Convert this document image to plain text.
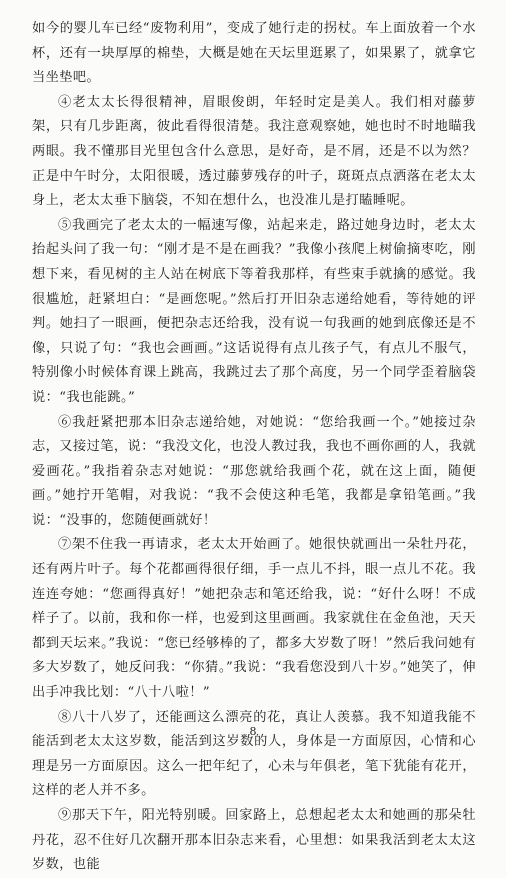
如今的婴儿车已经“废物利用”，变成了她行走的拐杖。车上面放着一个水杯，还有一块厚厚的棉垫，大概是她在天坛里逛累了，如果累了，就拿它当坐垫吧。

④老太太长得很精神，眉眼俊朗，年轻时定是美人。我们相对藤萝架，只有几步距离，彼此看得很清楚。我注意观察她，她也时不时地瞄我两眼。我不懂那目光里包含什么意思，是好奇，是不屑，还是不以为然？正是中午时分，太阳很暖，透过藤萝残存的叶子，斑斑点点洒落在老太太身上，老太太垂下脑袋，不知在想什么，也没准儿是打瞌睡呢。

⑤我画完了老太太的一幅速写像，站起来走，路过她身边时，老太太抬起头问了我一句：“刚才是不是在画我？”我像小孩爬上树偷摘枣吃，刚想下来，看见树的主人站在树底下等着我那样，有些束手就擒的感觉。我很尴尬，赶紧坦白：“是画您呢。”然后打开旧杂志递给她看，等待她的评判。她扫了一眼画，便把杂志还给我，没有说一句我画的她到底像还是不像，只说了句：“我也会画画。”这话说得有点儿孩子气，有点儿不服气，特别像小时候体育课上跳高，我跳过去了那个高度，另一个同学歪着脑袋说：“我也能跳。”

⑥我赶紧把那本旧杂志递给她，对她说：“您给我画一个。”她接过杂志，又接过笔，说：“我没文化，也没人教过我，我也不画你画的人，我就爱画花。”我指着杂志对她说：“那您就给我画个花，就在这上面，随便画。”她拧开笔帽，对我说：“我不会使这种毛笔，我都是拿铅笔画。”我说：“没事的，您随便画就好！

⑦架不住我一再请求，老太太开始画了。她很快就画出一朵牡丹花，还有两片叶子。每个花都画得很仔细，手一点儿不抖，眼一点儿不花。我连连夸她：“您画得真好！”她把杂志和笔还给我，说：“好什么呀！不成样子了。以前，我和你一样，也爱到这里画画。我家就住在金鱼池，天天都到天坛来。”我说：“您已经够棒的了，都多大岁数了呀！”然后我问她有多大岁数了，她反问我：“你猜。”我说：“我看您没到八十岁。”她笑了，伸出手冲我比划：“八十八啦！”

⑧八十八岁了，还能画这么漂亮的花，真让人羡慕。我不知道我能不能活到老太太这岁数，能活到这岁数的人，身体是一方面原因，心情和心理是另一方面原因。这么一把年纪了，心未与年俱老，笔下犹能有花开，这样的老人并不多。

⑨那天下午，阳光特别暖。回家路上，总想起老太太和她画的那朵牡丹花，忍不住好几次翻开那本旧杂志来看，心里想：如果我活到老太太这岁数，也能

8
